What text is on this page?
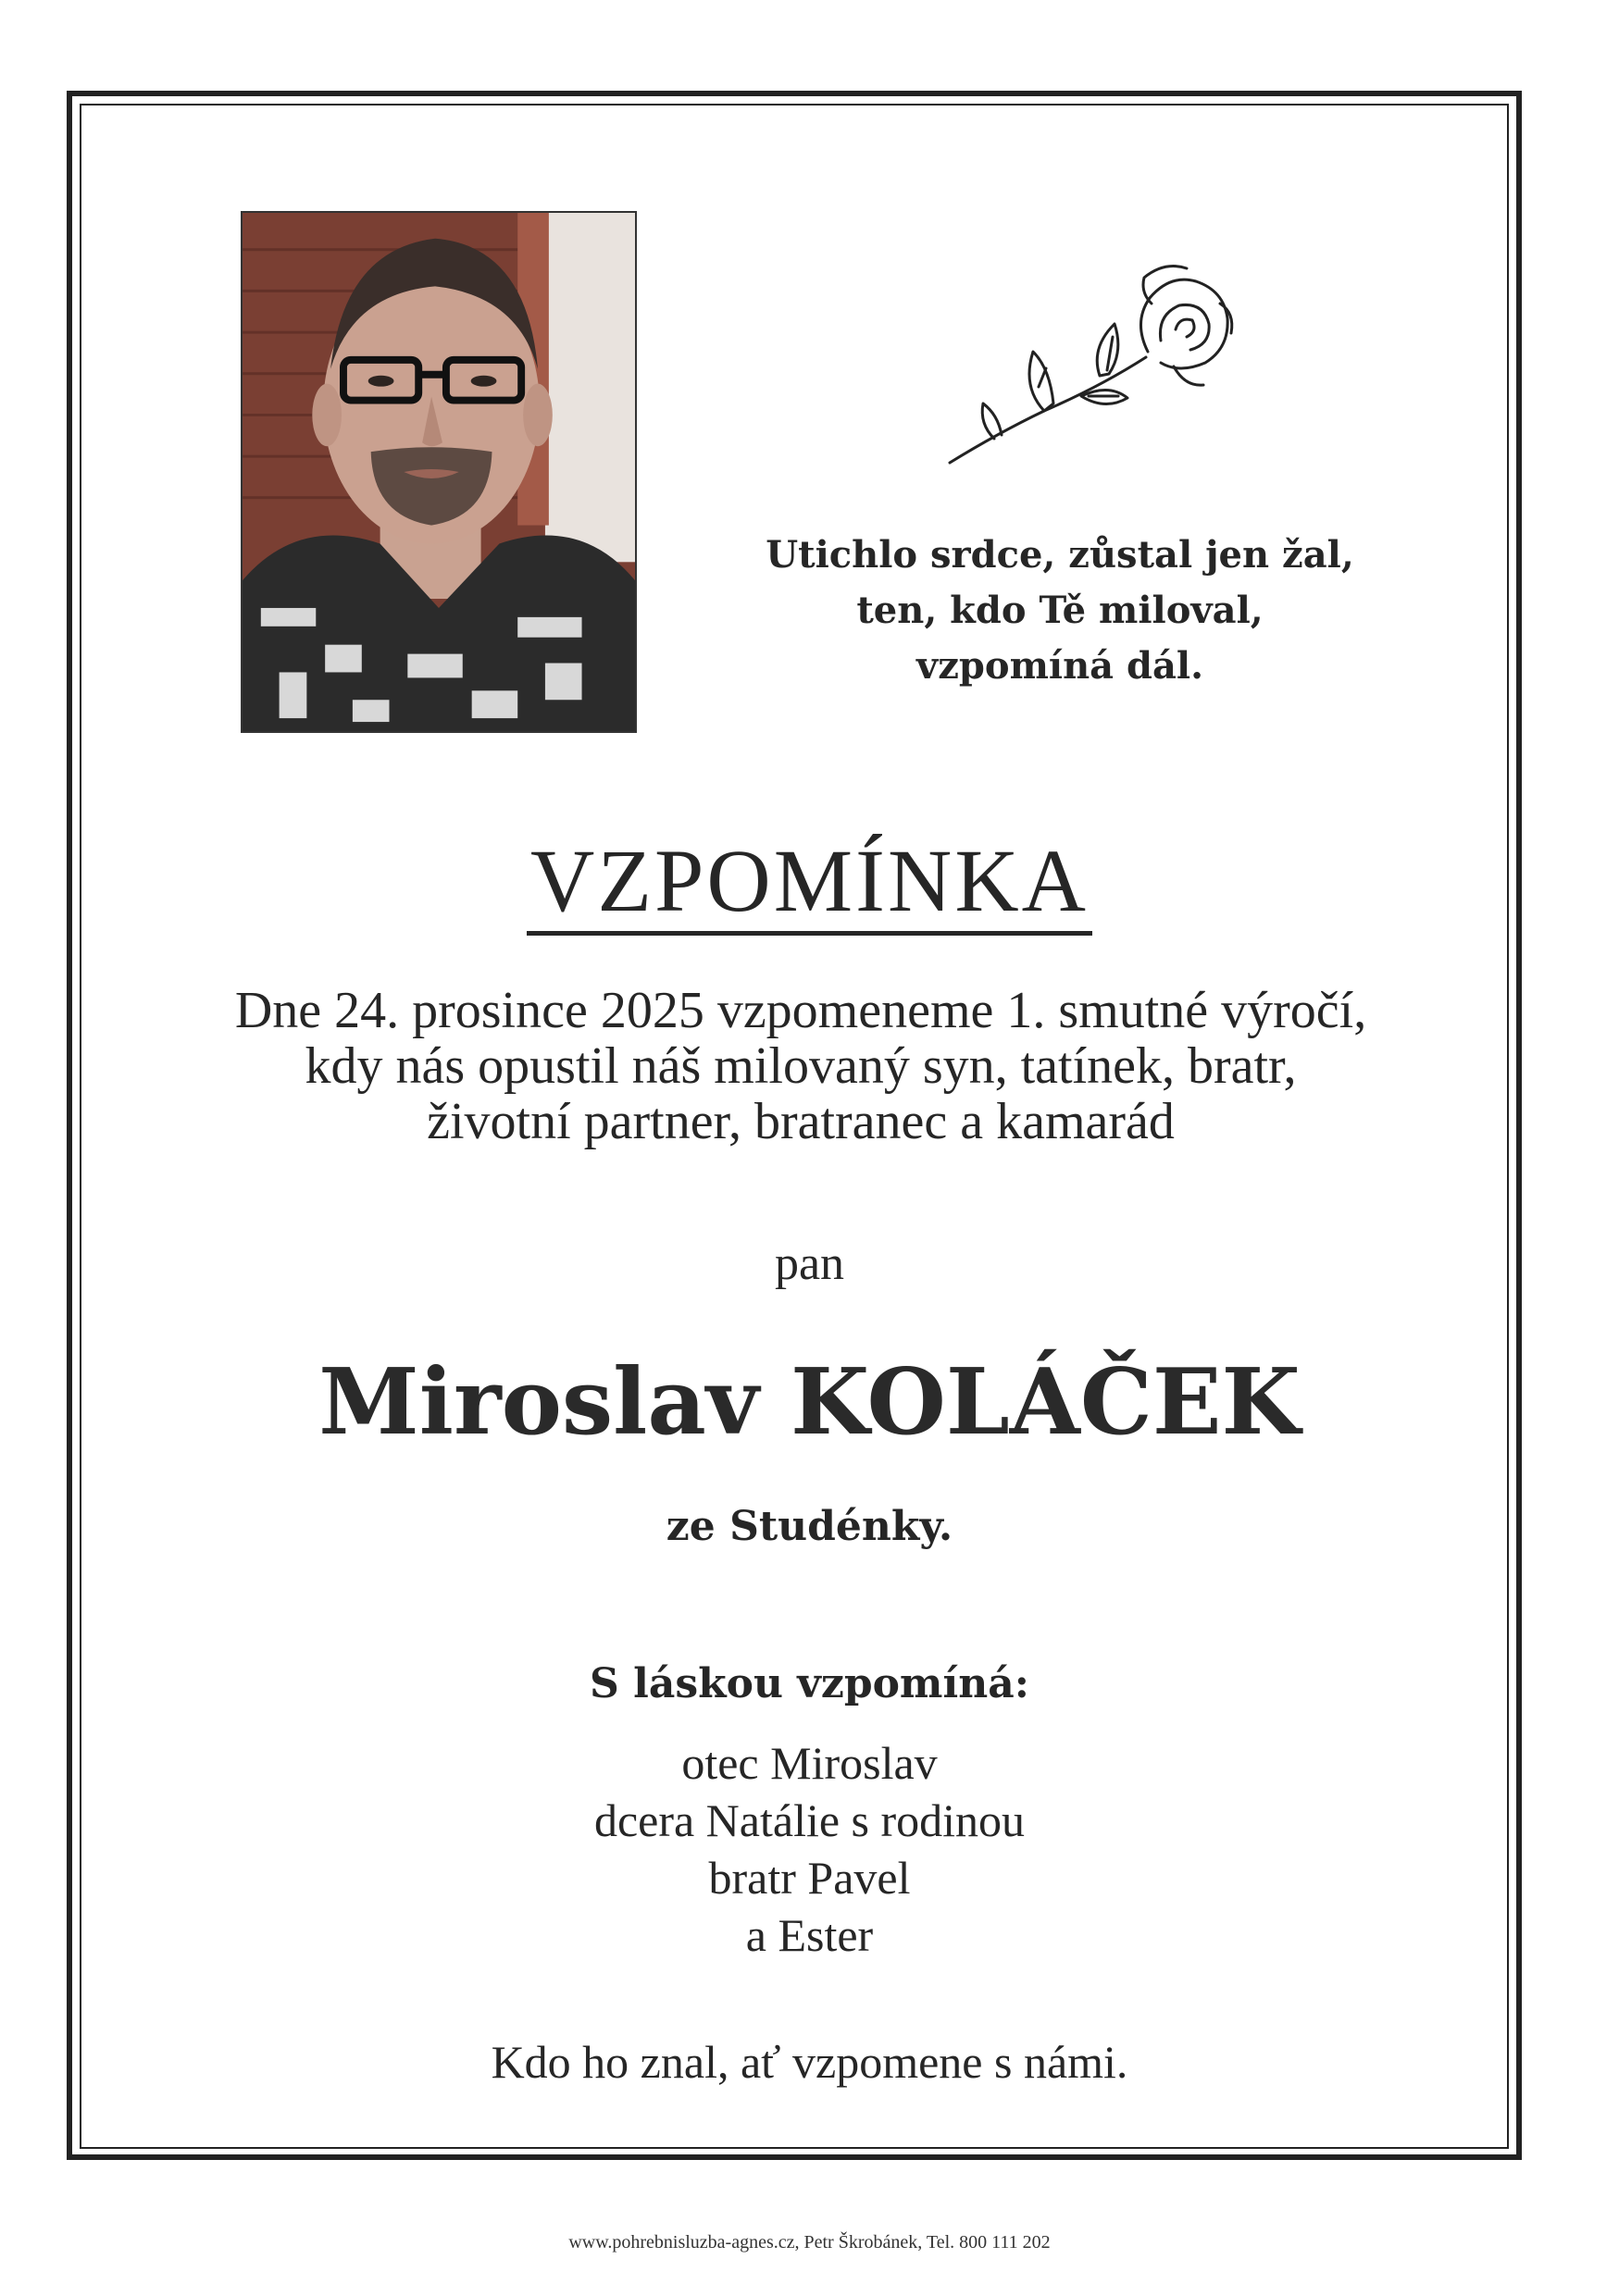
Utichlo srdce, zůstal jen žal,
ten, kdo Tě miloval,
vzpomíná dál.
VZPOMÍNKA
Dne 24. prosince 2025 vzpomeneme 1. smutné výročí,
kdy nás opustil náš milovaný syn, tatínek, bratr,
životní partner, bratranec a kamarád
pan
Miroslav KOLÁČEK
ze Studénky.
S láskou vzpomíná:
otec Miroslav
dcera Natálie s rodinou
bratr Pavel
a Ester
Kdo ho znal, ať vzpomene s námi.
www.pohrebnisluzba-agnes.cz, Petr Škrobánek, Tel. 800 111 202
